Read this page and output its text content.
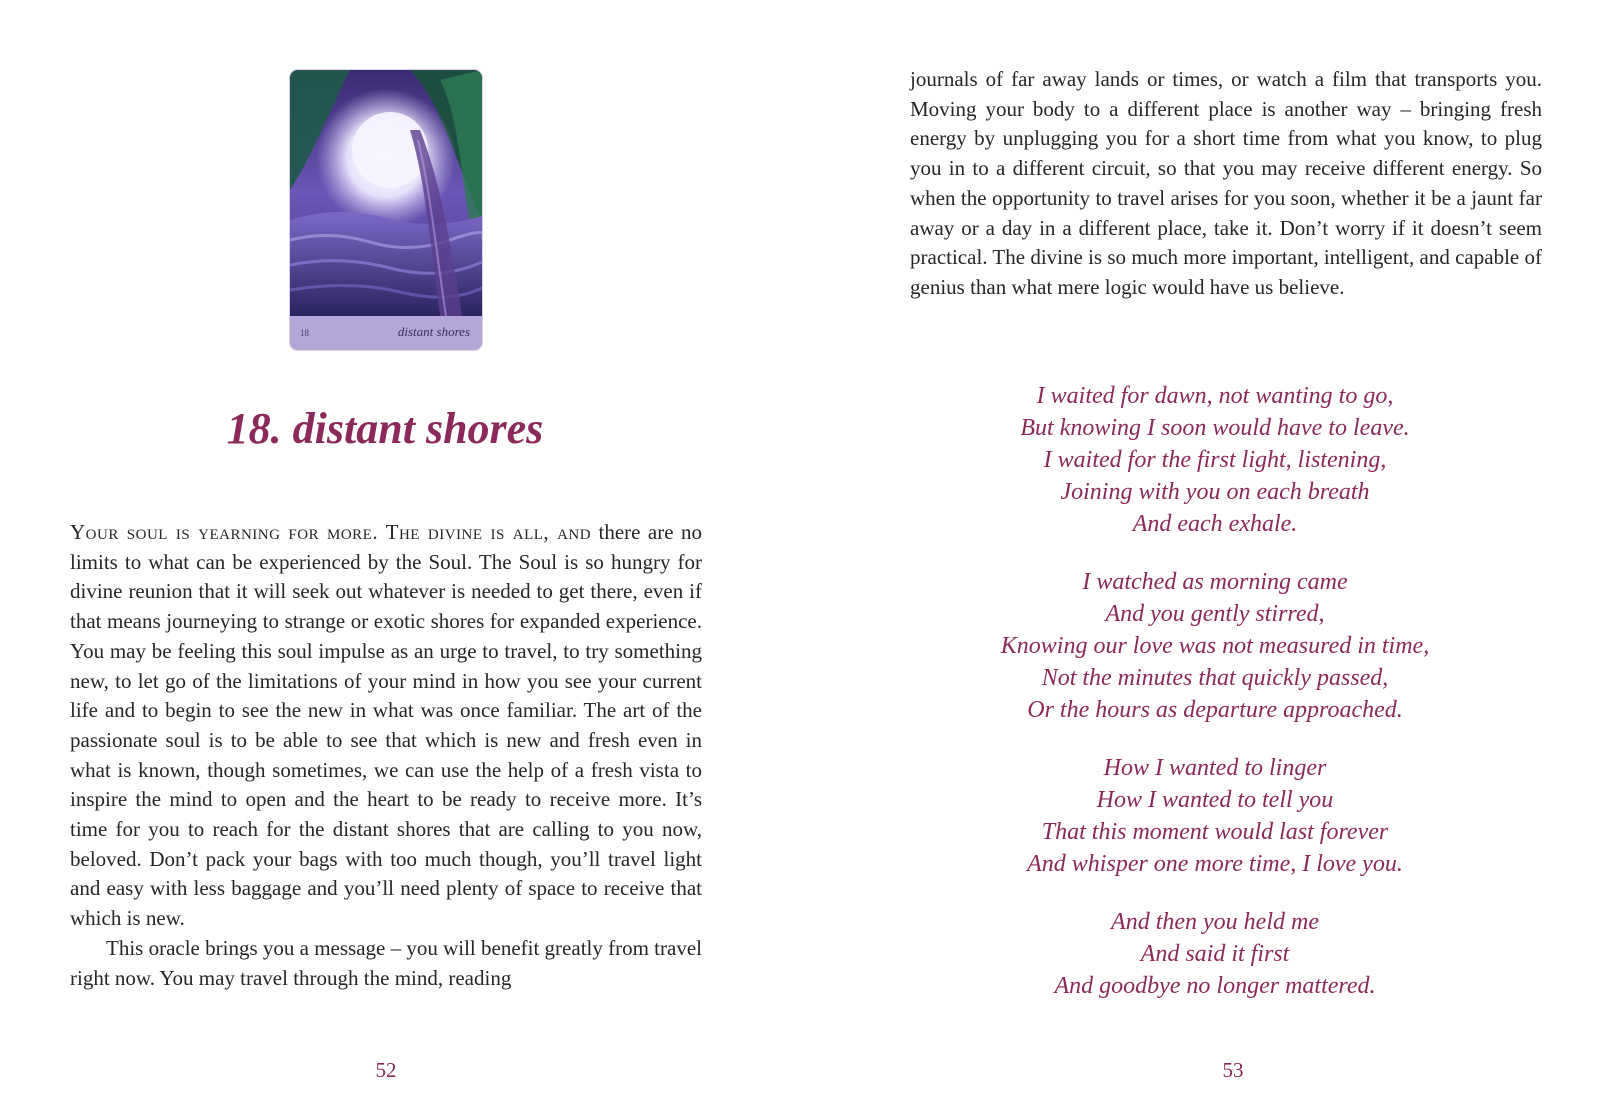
18	distant shores
18. distant shores

Your soul is yearning for more. The divine is all, and there are no limits to what can be experienced by the Soul. The Soul is so hungry for divine reunion that it will seek out whatever is needed to get there, even if that means journeying to strange or exotic shores for expanded experience. You may be feeling this soul impulse as an urge to travel, to try something new, to let go of the limitations of your mind in how you see your current life and to begin to see the new in what was once familiar. The art of the passionate soul is to be able to see that which is new and fresh even in what is known, though sometimes, we can use the help of a fresh vista to inspire the mind to open and the heart to be ready to receive more. It’s time for you to reach for the distant shores that are calling to you now, beloved. Don’t pack your bags with too much though, you’ll travel light and easy with less baggage and you’ll need plenty of space to receive that which is new.

This oracle brings you a message – you will benefit greatly from travel right now. You may travel through the mind, reading

52

journals of far away lands or times, or watch a film that transports you. Moving your body to a different place is another way – bringing fresh energy by unplugging you for a short time from what you know, to plug you in to a different circuit, so that you may receive different energy. So when the opportunity to travel arises for you soon, whether it be a jaunt far away or a day in a different place, take it. Don’t worry if it doesn’t seem practical. The divine is so much more important, intelligent, and capable of genius than what mere logic would have us believe.

I waited for dawn, not wanting to go,
But knowing I soon would have to leave.
I waited for the first light, listening,
Joining with you on each breath
And each exhale.
I watched as morning came
And you gently stirred,
Knowing our love was not measured in time,
Not the minutes that quickly passed,
Or the hours as departure approached.
How I wanted to linger
How I wanted to tell you
That this moment would last forever
And whisper one more time, I love you.
And then you held me
And said it first
And goodbye no longer mattered.
53
